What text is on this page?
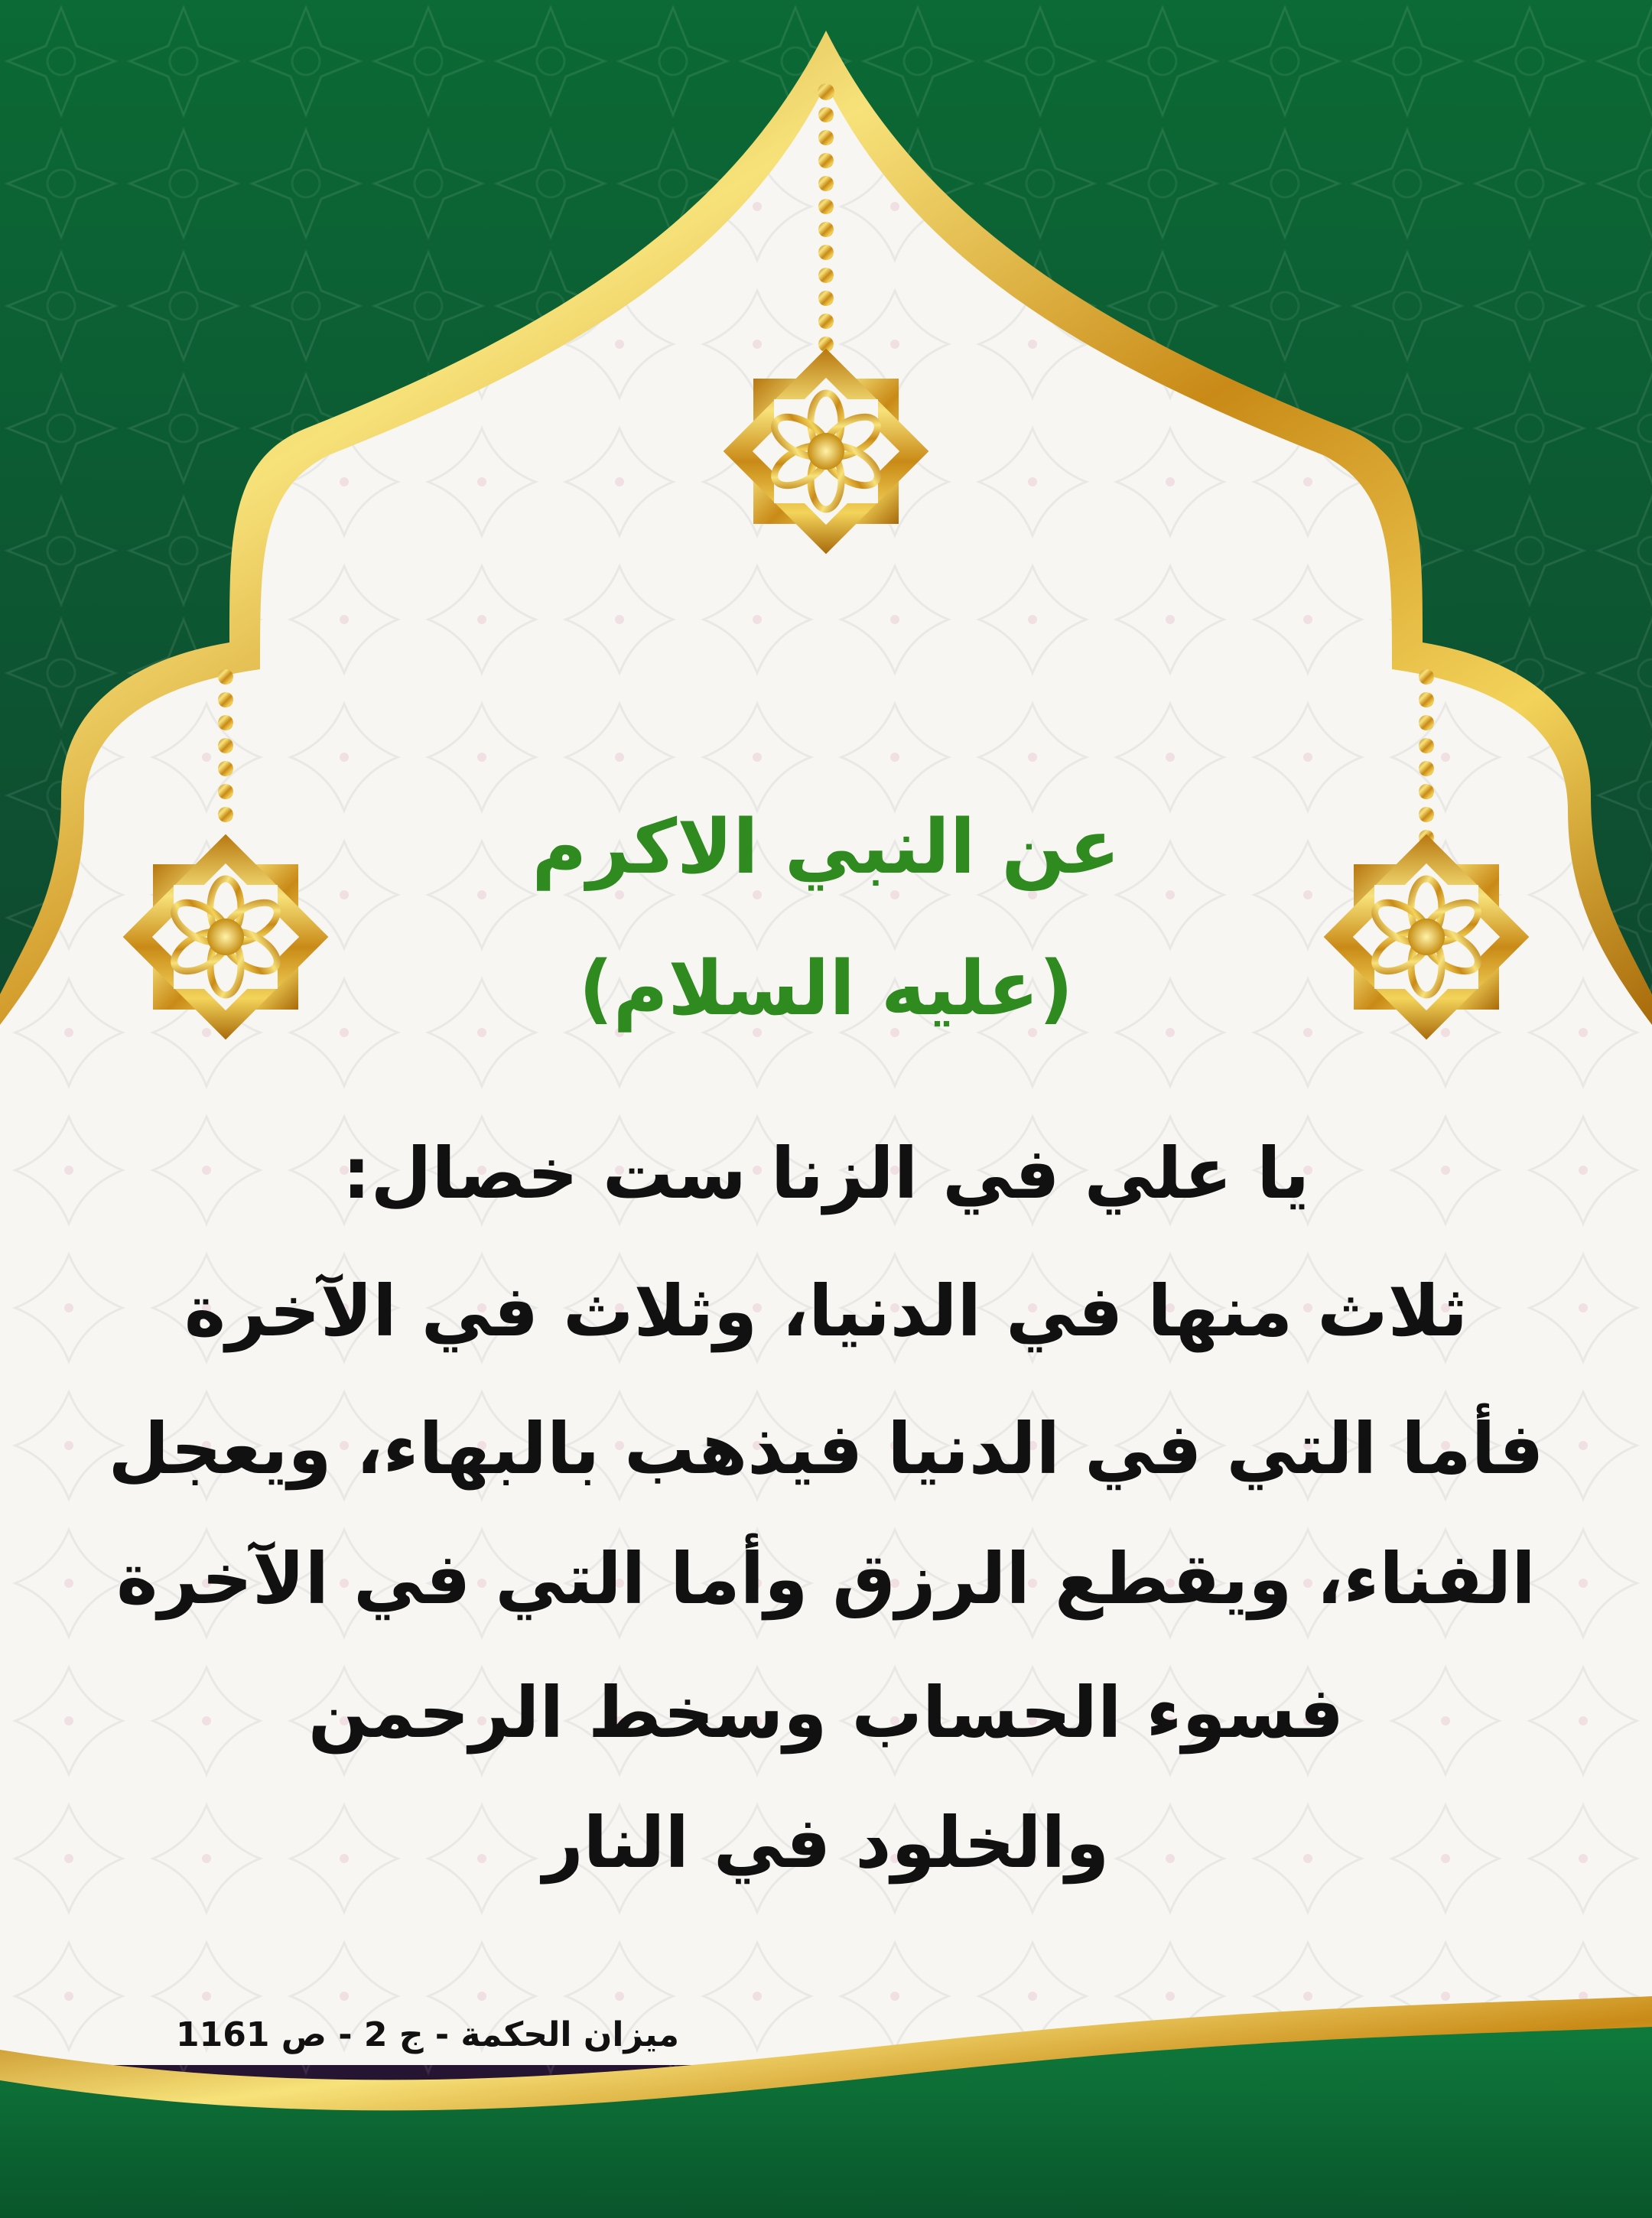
عن النبي الاكرم
(عليه السلام)
يا علي في الزنا ست خصال:
ثلاث منها في الدنيا، وثلاث في الآخرة
فأما التي في الدنيا فيذهب بالبهاء، ويعجل
الفناء، ويقطع الرزق وأما التي في الآخرة
فسوء الحساب وسخط الرحمن
والخلود في النار
ميزان الحكمة - ج 2 - ص 1161
